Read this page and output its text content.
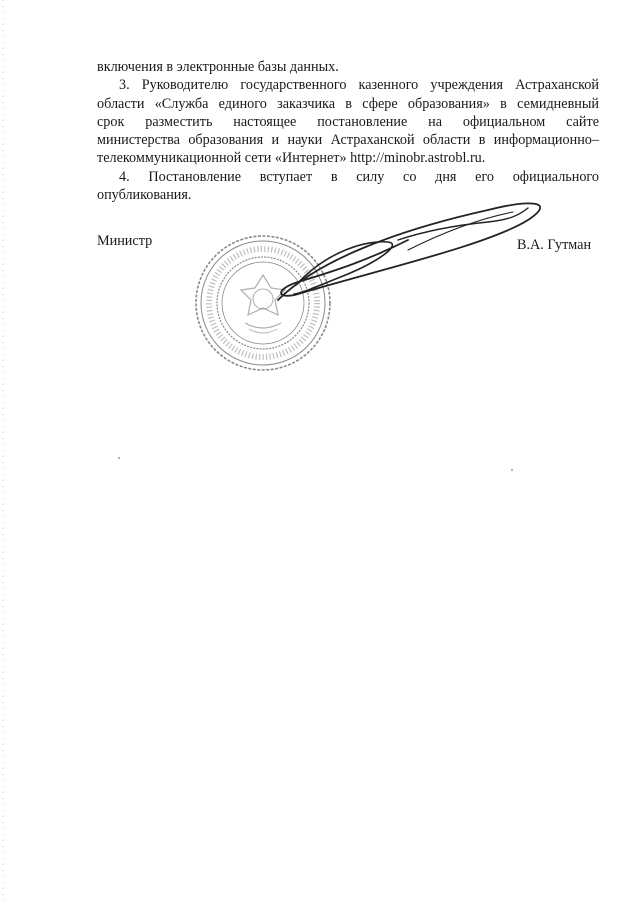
включения в электронные базы данных.
3. Руководителю государственного казенного учреждения Астраханской
области «Служба единого заказчика в сфере образования» в семидневный
срок разместить настоящее постановление на официальном сайте
министерства образования и науки Астраханской области в информационно–
телекоммуникационной сети «Интернет» http://minobr.astrobl.ru.
4. Постановление вступает в силу со дня его официального
опубликования.
Министр	В.А. Гутман
